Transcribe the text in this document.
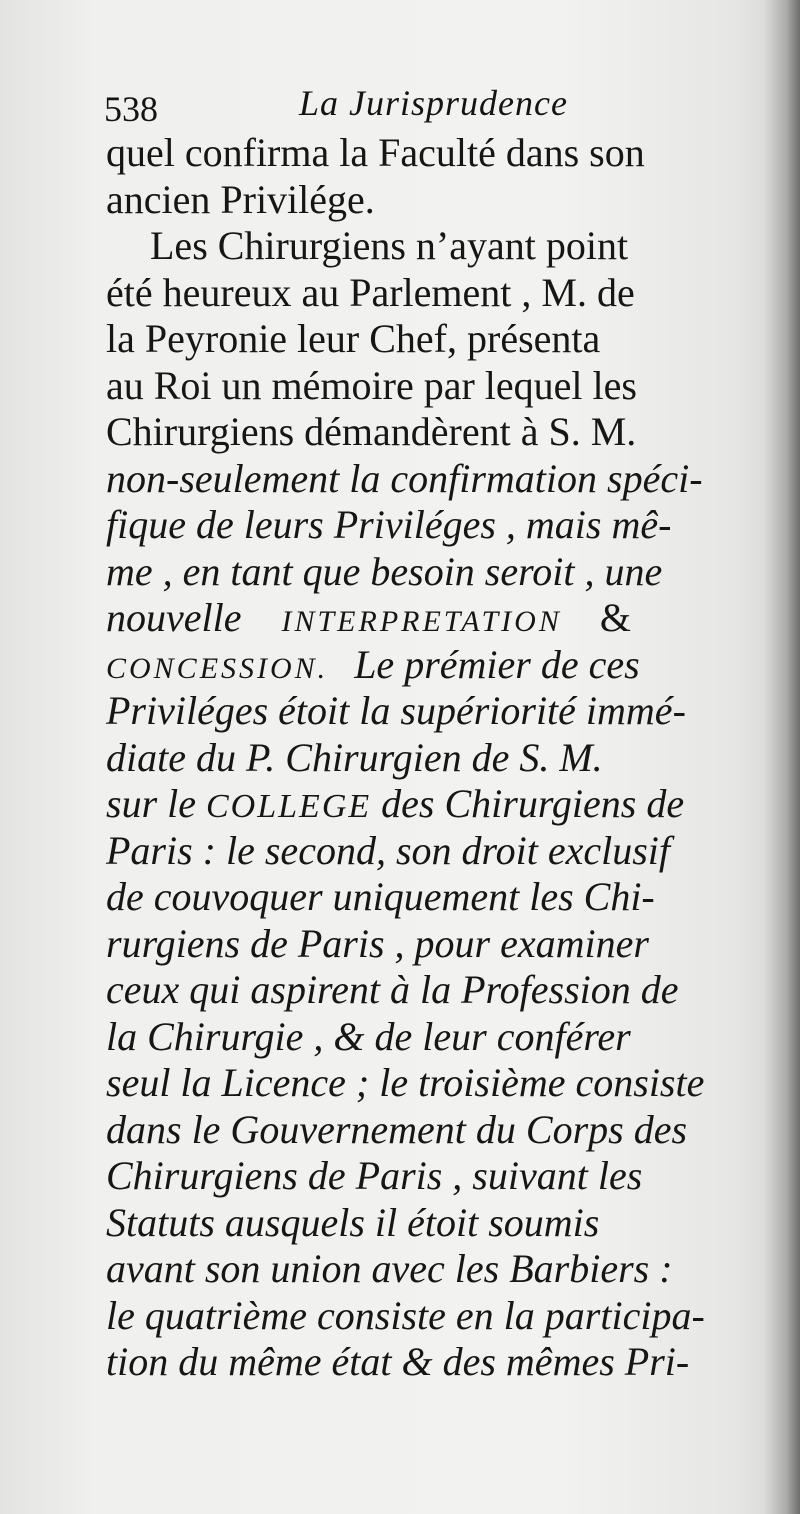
538	La Jurisprudence
quel confirma la Faculté dans son
ancien Privilége.
Les Chirurgiens n’ayant point
été heureux au Parlement , M. de
la Peyronie leur Chef, présenta
au Roi un mémoire par lequel les
Chirurgiens démandèrent à S. M.
non-seulement la confirmation spéci-
fique de leurs Priviléges , mais mê-
me , en tant que besoin seroit , une
nouvelle INTERPRETATION &
CONCESSION. Le prémier de ces
Priviléges étoit la supériorité immé-
diate du P. Chirurgien de S. M.
sur le COLLEGE des Chirurgiens de
Paris : le second, son droit exclusif
de couvoquer uniquement les Chi-
rurgiens de Paris , pour examiner
ceux qui aspirent à la Profession de
la Chirurgie , & de leur conférer
seul la Licence ; le troisième consiste
dans le Gouvernement du Corps des
Chirurgiens de Paris , suivant les
Statuts ausquels il étoit soumis
avant son union avec les Barbiers :
le quatrième consiste en la participa-
tion du même état & des mêmes Pri-
